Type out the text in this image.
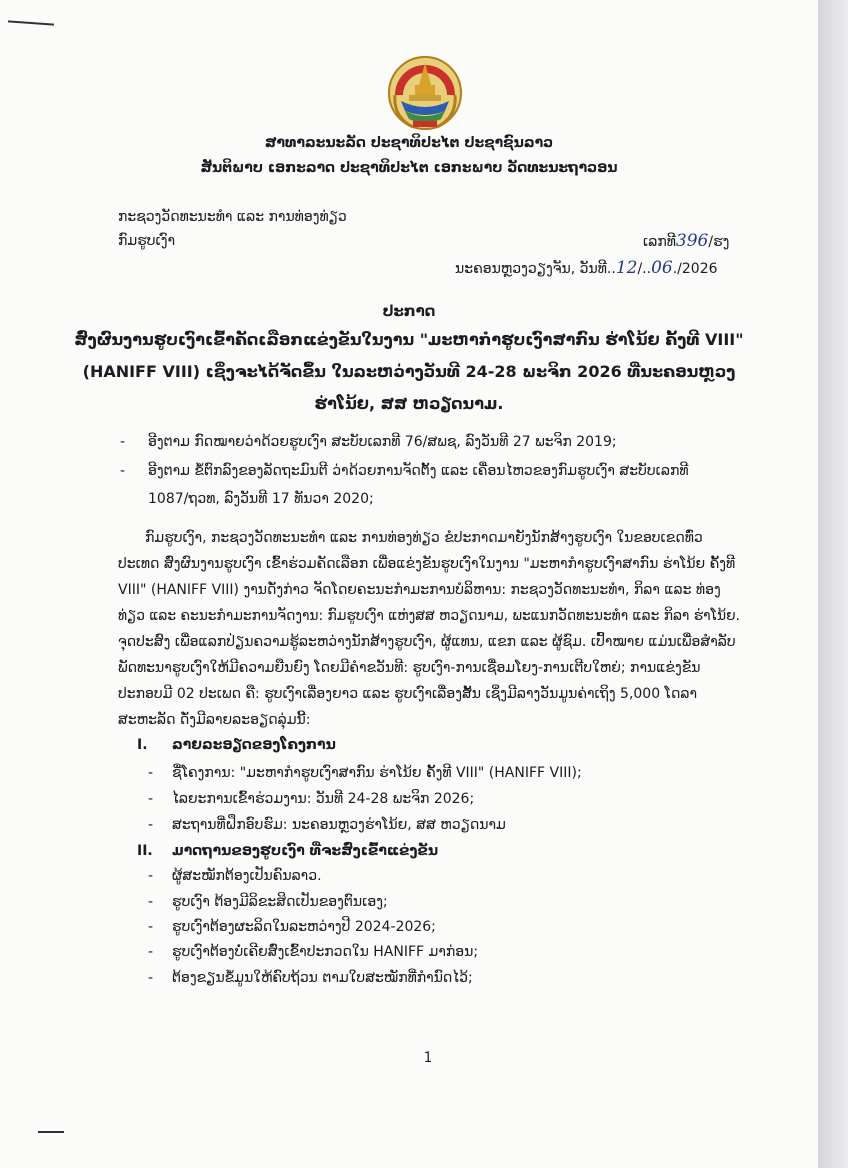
ສາທາລະນະລັດ ປະຊາທິປະໄຕ ປະຊາຊົນລາວ
ສັນຕິພາບ ເອກະລາດ ປະຊາທິປະໄຕ ເອກະພາບ ວັດທະນະຖາວອນ
ກະຊວງວັດທະນະທຳ ແລະ ການທ່ອງທ່ຽວ
ກົມຮູບເງົາ	ເລກທີ396/ຮງ
ນະຄອນຫຼວງວຽງຈັນ, ວັນທີ..12/..06./2026
ປະກາດ
ສົ່ງຜົນງານຮູບເງົາເຂົ້າຄັດເລືອກແຂ່ງຂັນໃນງານ "ມະຫາກຳຮູບເງົາສາກົນ ຮ່າໂນ້ຍ ຄັ້ງທີ VIII"
(HANIFF VIII) ເຊິ່ງຈະໄດ້ຈັດຂຶ້ນ ໃນລະຫວ່າງວັນທີ 24-28 ພະຈິກ 2026 ທີ່ນະຄອນຫຼວງ
ຮ່າໂນ້ຍ, ສສ ຫວຽດນາມ.
- ອີງຕາມ ກົດໝາຍວ່າດ້ວຍຮູບເງົາ ສະບັບເລກທີ 76/ສພຊ, ລົງວັນທີ 27 ພະຈິກ 2019;
- ອີງຕາມ ຂໍ້ຕົກລົງຂອງລັດຖະມົນຕີ ວ່າດ້ວຍການຈັດຕັ້ງ ແລະ ເຄື່ອນໄຫວຂອງກົມຮູບເງົາ ສະບັບເລກທີ
1087/ຖວທ, ລົງວັນທີ 17 ທັນວາ 2020;
ກົມຮູບເງົາ, ກະຊວງວັດທະນະທຳ ແລະ ການທ່ອງທ່ຽວ ຂໍປະກາດມາຍັງນັກສ້າງຮູບເງົາ ໃນຂອບເຂດທົ່ວ
ປະເທດ ສົ່ງຜົນງານຮູບເງົາ ເຂົ້າຮ່ວມຄັດເລືອກ ເພື່ອແຂ່ງຂັນຮູບເງົາໃນງານ "ມະຫາກຳຮູບເງົາສາກົນ ຮ່າໂນ້ຍ ຄັ້ງທີ
VIII" (HANIFF VIII) ງານດັ່ງກ່າວ ຈັດໂດຍຄະນະກຳມະການບໍລິຫານ: ກະຊວງວັດທະນະທຳ, ກິລາ ແລະ ທ່ອງ
ທ່ຽວ ແລະ ຄະນະກຳມະການຈັດງານ: ກົມຮູບເງົາ ແຫ່ງສສ ຫວຽດນາມ, ພະແນກວັດທະນະທຳ ແລະ ກິລາ ຮ່າໂນ້ຍ.
ຈຸດປະສົງ ເພື່ອແລກປ່ຽນຄວາມຮູ້ລະຫວ່າງນັກສ້າງຮູບເງົາ, ຜູ້ແທນ, ແຂກ ແລະ ຜູ້ຊົມ. ເປົ້າໝາຍ ແມ່ນເພື່ອສຳລັບ
ພັດທະນາຮູບເງົາໃຫ້ມີຄວາມຍືນຍົງ ໂດຍມີຄຳຂວັນທີ: ຮູບເງົາ-ການເຊື່ອມໂຍງ-ການເຕີບໃຫຍ່; ການແຂ່ງຂັນ
ປະກອບມີ 02 ປະເພດ ຄື: ຮູບເງົາເລື່ອງຍາວ ແລະ ຮູບເງົາເລື່ອງສັ້ນ ເຊິ່ງມີລາງວັນມູນຄ່າເຖິງ 5,000 ໂດລາ
ສະຫະລັດ ດັ່ງມີລາຍລະອຽດລຸ່ມນີ້:
I. ລາຍລະອຽດຂອງໂຄງການ
- ຊື່ໂຄງການ: "ມະຫາກຳຮູບເງົາສາກົນ ຮ່າໂນ້ຍ ຄັ້ງທີ VIII" (HANIFF VIII);
- ໄລຍະການເຂົ້າຮ່ວມງານ: ວັນທີ 24-28 ພະຈິກ 2026;
- ສະຖານທີ່ຝຶກອົບຮົມ: ນະຄອນຫຼວງຮ່າໂນ້ຍ, ສສ ຫວຽດນາມ
II. ມາດຖານຂອງຮູບເງົາ ທີ່ຈະສົ່ງເຂົ້າແຂ່ງຂັນ
- ຜູ້ສະໝັກຕ້ອງເປັນຄົນລາວ.
- ຮູບເງົາ ຕ້ອງມີລິຂະສິດເປັນຂອງຕົນເອງ;
- ຮູບເງົາຕ້ອງຜະລິດໃນລະຫວ່າງປີ 2024-2026;
- ຮູບເງົາຕ້ອງບໍ່ເຄີຍສົ່ງເຂົ້າປະກວດໃນ HANIFF ມາກ່ອນ;
- ຕ້ອງຂຽນຂໍ້ມູນໃຫ້ຄົບຖ້ວນ ຕາມໃບສະໝັກທີ່ກຳນົດໄວ້;
1
